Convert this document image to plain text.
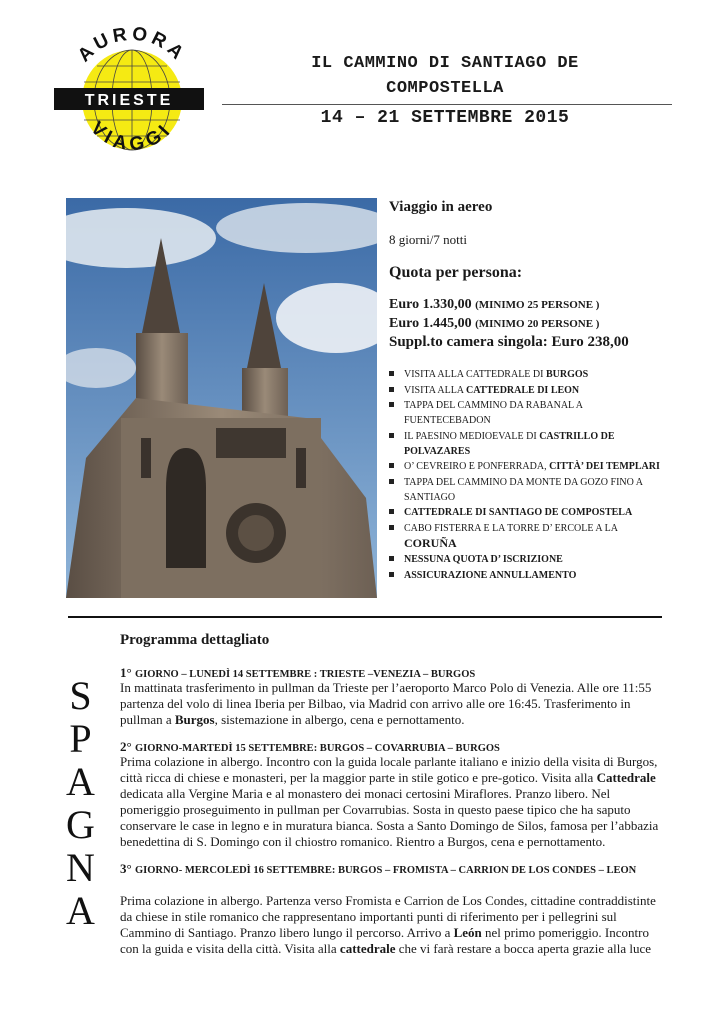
AURORA
TRIESTE
VIAGGI
IL CAMMINO DI SANTIAGO DE
COMPOSTELLA
14 – 21 SETTEMBRE 2015
Viaggio in aereo
8 giorni/7 notti
Quota per persona:
Euro 1.330,00 (MINIMO 25 PERSONE )
Euro 1.445,00 (MINIMO 20 PERSONE )
Suppl.to camera singola: Euro 238,00
VISITA ALLA CATTEDRALE DI BURGOS
VISITA ALLA CATTEDRALE DI LEON
TAPPA DEL CAMMINO DA RABANAL A FUENTECEBADON
IL PAESINO MEDIOEVALE DI CASTRILLO DE POLVAZARES
O’ CEVREIRO E PONFERRADA, CITTÀ’ DEI TEMPLARI
TAPPA DEL CAMMINO DA MONTE DA GOZO FINO A SANTIAGO
CATTEDRALE DI SANTIAGO DE COMPOSTELA
CABO FISTERRA E LA TORRE D’ ERCOLE A LA CORUÑA
NESSUNA QUOTA D’ ISCRIZIONE
ASSICURAZIONE ANNULLAMENTO
S
P
A
G
N
A
Programma dettagliato
1° GIORNO – LUNEDÌ 14 SETTEMBRE : TRIESTE –VENEZIA – BURGOS
In mattinata trasferimento in pullman da Trieste per l’aeroporto Marco Polo di Venezia. Alle ore 11:55 partenza del volo di linea Iberia per Bilbao, via Madrid con arrivo alle ore 16:45. Trasferimento in pullman a Burgos, sistemazione in albergo, cena e pernottamento.
2° GIORNO-MARTEDÌ 15 SETTEMBRE: BURGOS – COVARRUBIA – BURGOS
Prima colazione in albergo. Incontro con la guida locale parlante italiano e inizio della visita di Burgos, città ricca di chiese e monasteri, per la maggior parte in stile gotico e pre-gotico. Visita alla Cattedrale dedicata alla Vergine Maria e al monastero dei monaci certosini Miraflores. Pranzo libero. Nel pomeriggio proseguimento in pullman per Covarrubias. Sosta in questo paese tipico che ha saputo conservare le case in legno e in muratura bianca. Sosta a Santo Domingo de Silos, famosa per l’abbazia benedettina di S. Domingo con il chiostro romanico. Rientro a Burgos, cena e pernottamento.
3° GIORNO- MERCOLEDÌ 16 SETTEMBRE: BURGOS – FROMISTA – CARRION DE LOS CONDES – LEON
Prima colazione in albergo. Partenza verso Fromista e Carrion de Los Condes, cittadine contraddistinte da chiese in stile romanico che rappresentano importanti punti di riferimento per i pellegrini sul Cammino di Santiago. Pranzo libero lungo il percorso. Arrivo a León nel primo pomeriggio. Incontro con la guida e visita della città. Visita alla cattedrale che vi farà restare a bocca aperta grazie alla luce
